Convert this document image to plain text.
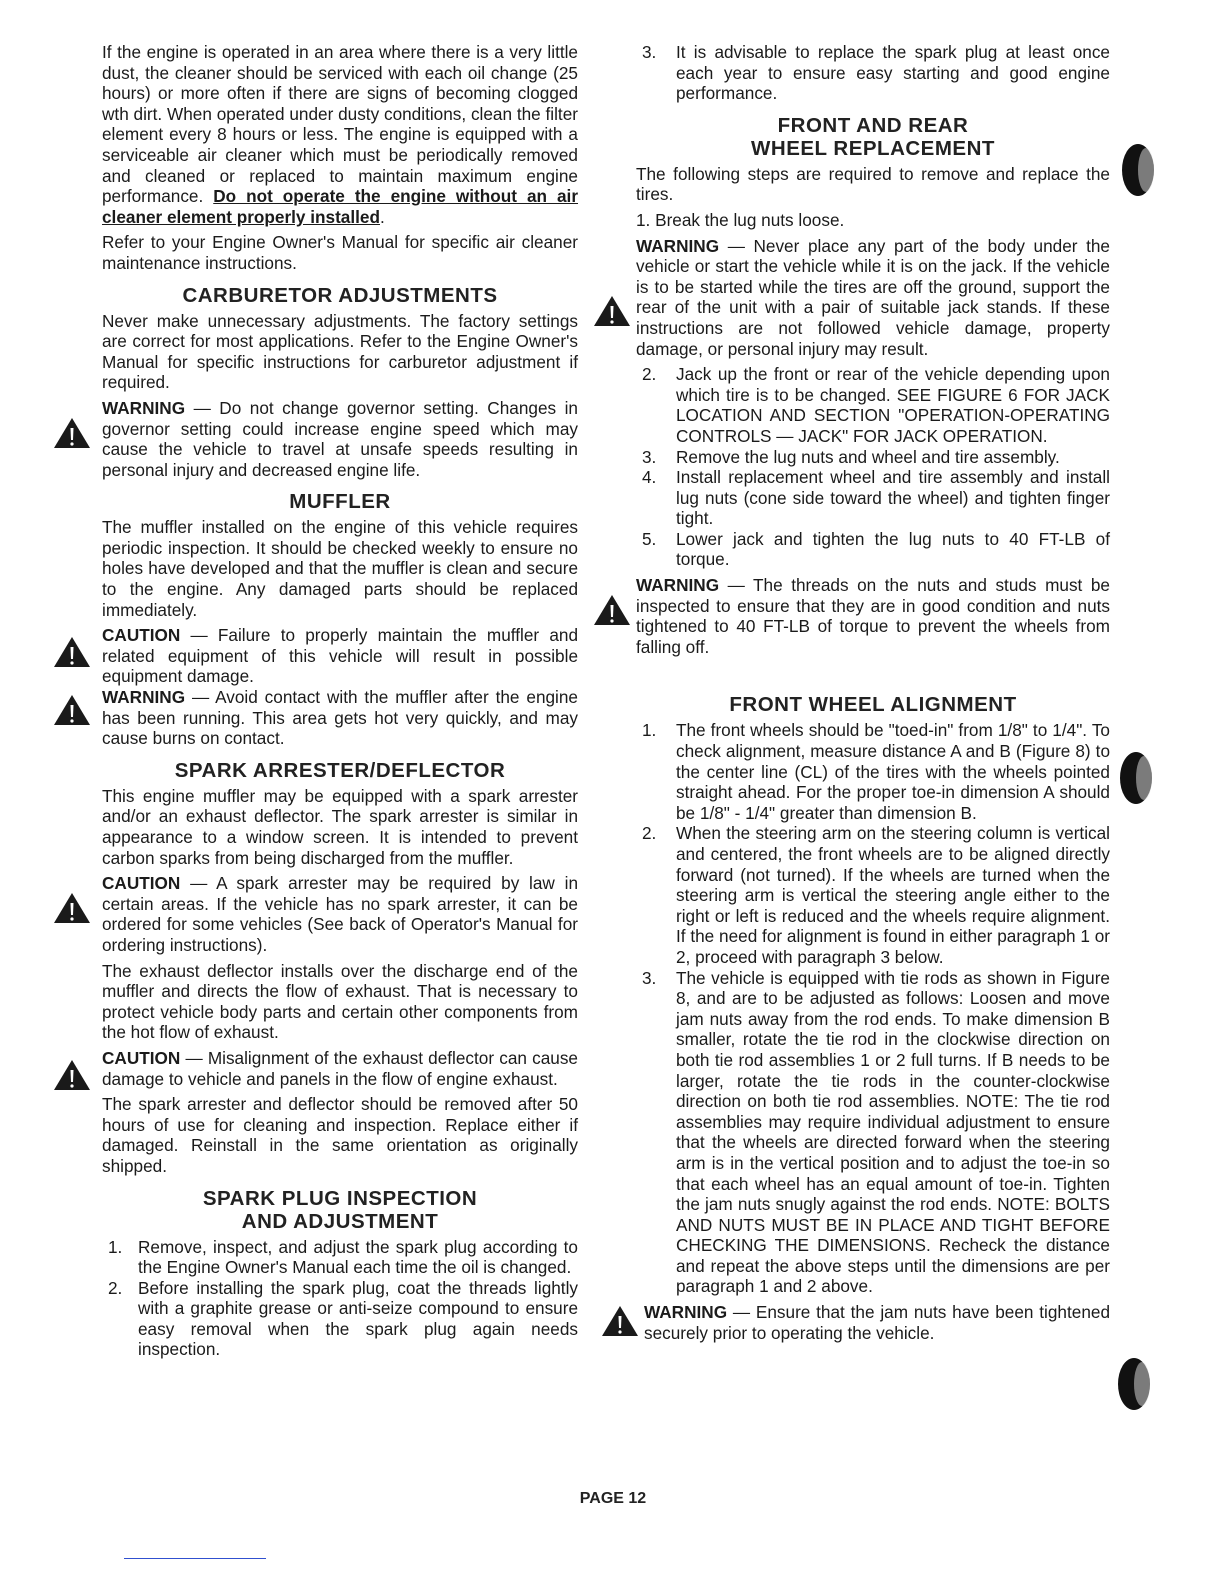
If the engine is operated in an area where there is a very little dust, the cleaner should be serviced with each oil change (25 hours) or more often if there are signs of becoming clogged wth dirt. When operated under dusty conditions, clean the filter element every 8 hours or less. The engine is equipped with a serviceable air cleaner which must be periodically removed and cleaned or replaced to maintain maximum engine performance. Do not operate the engine without an air cleaner element properly installed.

Refer to your Engine Owner's Manual for specific air cleaner maintenance instructions.

CARBURETOR ADJUSTMENTS

Never make unnecessary adjustments. The factory settings are correct for most applications. Refer to the Engine Owner's Manual for specific instructions for carburetor adjustment if required.

WARNING — Do not change governor setting. Changes in governor setting could increase engine speed which may cause the vehicle to travel at unsafe speeds resulting in personal injury and decreased engine life.

MUFFLER

The muffler installed on the engine of this vehicle requires periodic inspection. It should be checked weekly to ensure no holes have developed and that the muffler is clean and secure to the engine. Any damaged parts should be replaced immediately.

CAUTION — Failure to properly maintain the muffler and related equipment of this vehicle will result in possible equipment damage.

WARNING — Avoid contact with the muffler after the engine has been running. This area gets hot very quickly, and may cause burns on contact.

SPARK ARRESTER/DEFLECTOR

This engine muffler may be equipped with a spark arrester and/or an exhaust deflector. The spark arrester is similar in appearance to a window screen. It is intended to prevent carbon sparks from being discharged from the muffler.

CAUTION — A spark arrester may be required by law in certain areas. If the vehicle has no spark arrester, it can be ordered for some vehicles (See back of Operator's Manual for ordering instructions).

The exhaust deflector installs over the discharge end of the muffler and directs the flow of exhaust. That is necessary to protect vehicle body parts and certain other components from the hot flow of exhaust.

CAUTION — Misalignment of the exhaust deflector can cause damage to vehicle and panels in the flow of engine exhaust.

The spark arrester and deflector should be removed after 50 hours of use for cleaning and inspection. Replace either if damaged. Reinstall in the same orientation as originally shipped.

SPARK PLUG INSPECTION
AND ADJUSTMENT
1. Remove, inspect, and adjust the spark plug according to the Engine Owner's Manual each time the oil is changed.
2. Before installing the spark plug, coat the threads lightly with a graphite grease or anti-seize compound to ensure easy removal when the spark plug again needs inspection.
3. It is advisable to replace the spark plug at least once each year to ensure easy starting and good engine performance.
FRONT AND REAR
WHEEL REPLACEMENT

The following steps are required to remove and replace the tires.

1. Break the lug nuts loose.

WARNING — Never place any part of the body under the vehicle or start the vehicle while it is on the jack. If the vehicle is to be started while the tires are off the ground, support the rear of the unit with a pair of suitable jack stands. If these instructions are not followed vehicle damage, property damage, or personal injury may result.

2. Jack up the front or rear of the vehicle depending upon which tire is to be changed. SEE FIGURE 6 FOR JACK LOCATION AND SECTION "OPERATION-OPERATING CONTROLS — JACK" FOR JACK OPERATION.
3. Remove the lug nuts and wheel and tire assembly.
4. Install replacement wheel and tire assembly and install lug nuts (cone side toward the wheel) and tighten finger tight.
5. Lower jack and tighten the lug nuts to 40 FT-LB of torque.

WARNING — The threads on the nuts and studs must be inspected to ensure that they are in good condition and nuts tightened to 40 FT-LB of torque to prevent the wheels from falling off.

FRONT WHEEL ALIGNMENT
1. The front wheels should be "toed-in" from 1/8" to 1/4". To check alignment, measure distance A and B (Figure 8) to the center line (CL) of the tires with the wheels pointed straight ahead. For the proper toe-in dimension A should be 1/8" - 1/4" greater than dimension B.
2. When the steering arm on the steering column is vertical and centered, the front wheels are to be aligned directly forward (not turned). If the wheels are turned when the steering arm is vertical the steering angle either to the right or left is reduced and the wheels require alignment. If the need for alignment is found in either paragraph 1 or 2, proceed with paragraph 3 below.
3. The vehicle is equipped with tie rods as shown in Figure 8, and are to be adjusted as follows: Loosen and move jam nuts away from the rod ends. To make dimension B smaller, rotate the tie rod in the clockwise direction on both tie rod assemblies 1 or 2 full turns. If B needs to be larger, rotate the tie rods in the counter-clockwise direction on both tie rod assemblies. NOTE: The tie rod assemblies may require individual adjustment to ensure that the wheels are directed forward when the steering arm is in the vertical position and to adjust the toe-in so that each wheel has an equal amount of toe-in. Tighten the jam nuts snugly against the rod ends. NOTE: BOLTS AND NUTS MUST BE IN PLACE AND TIGHT BEFORE CHECKING THE DIMENSIONS. Recheck the distance and repeat the above steps until the dimensions are per paragraph 1 and 2 above.

WARNING — Ensure that the jam nuts have been tightened securely prior to operating the vehicle.

PAGE 12
